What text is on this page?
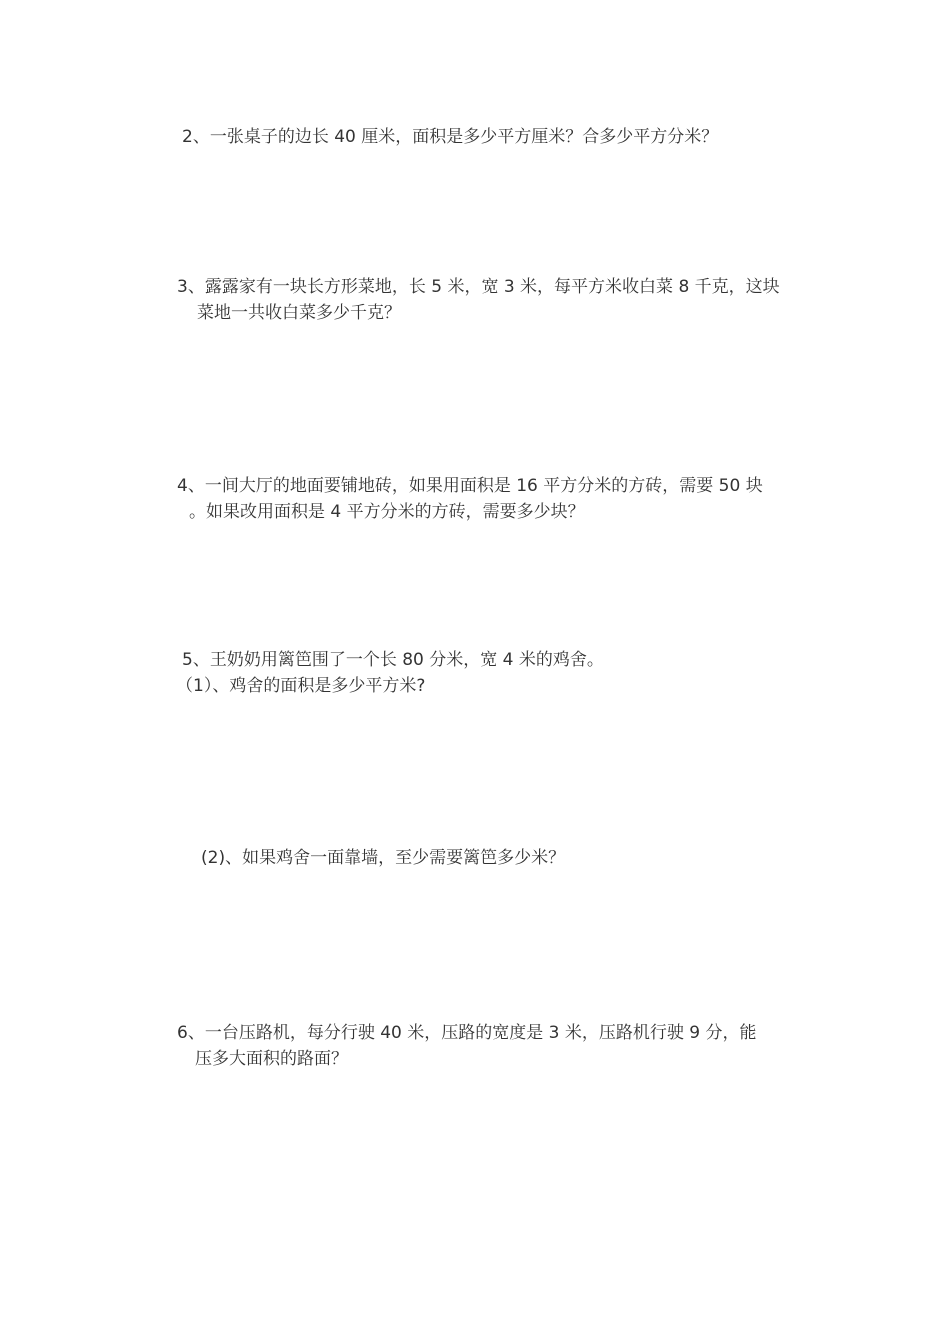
2、一张桌子的边长 40 厘米，面积是多少平方厘米？合多少平方分米？

3、露露家有一块长方形菜地，长 5 米，宽 3 米，每平方米收白菜 8 千克，这块
菜地一共收白菜多少千克？

4、一间大厅的地面要铺地砖，如果用面积是 16 平方分米的方砖，需要 50 块
。如果改用面积是 4 平方分米的方砖，需要多少块？

5、王奶奶用篱笆围了一个长 80 分米，宽 4 米的鸡舍。

（1）、鸡舍的面积是多少平方米?

(2)、如果鸡舍一面靠墙，至少需要篱笆多少米？

6、一台压路机，每分行驶 40 米，压路的宽度是 3 米，压路机行驶 9 分，能
压多大面积的路面？
